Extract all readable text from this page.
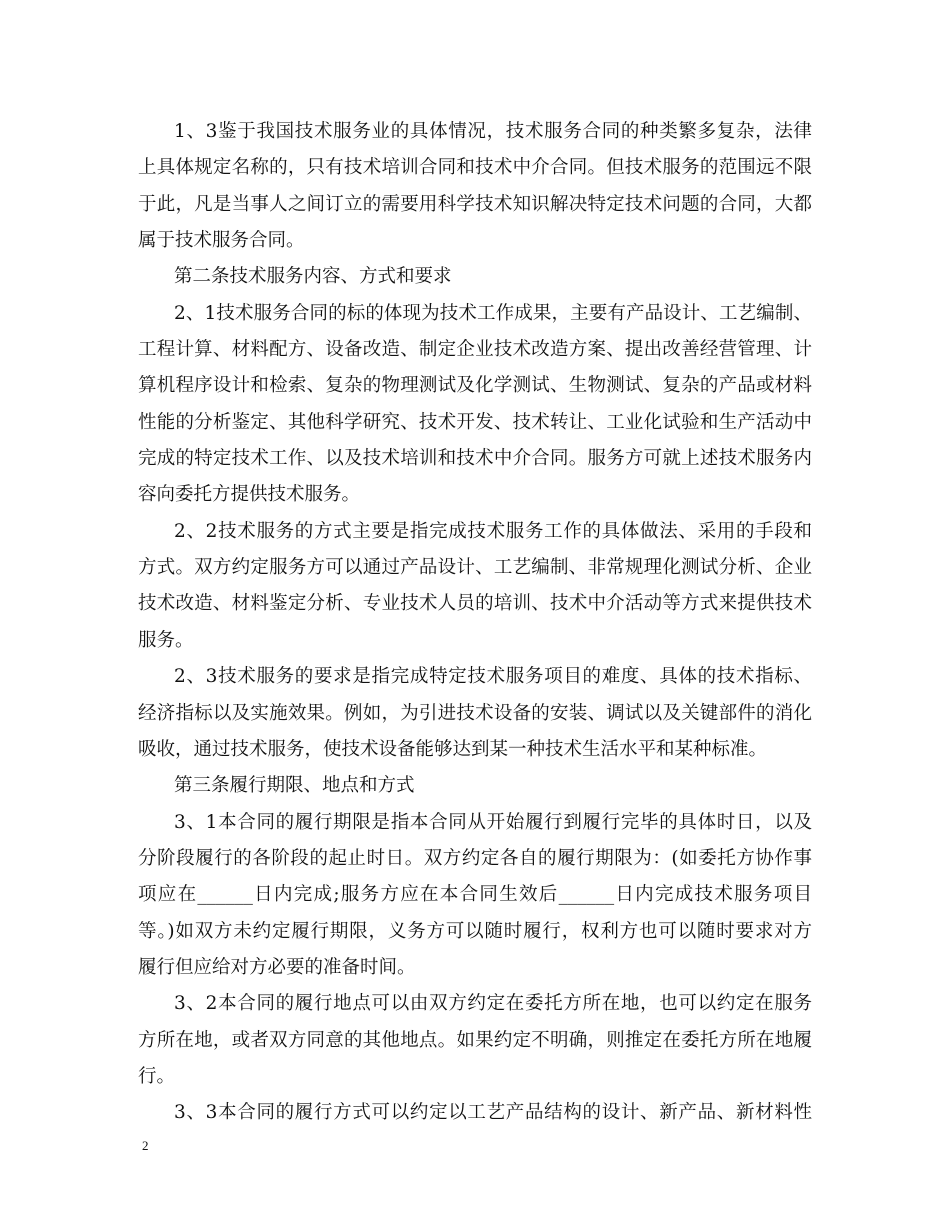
1、3鉴于我国技术服务业的具体情况，技术服务合同的种类繁多复杂，法律
上具体规定名称的，只有技术培训合同和技术中介合同。但技术服务的范围远不限
于此，凡是当事人之间订立的需要用科学技术知识解决特定技术问题的合同，大都
属于技术服务合同。
第二条技术服务内容、方式和要求
2、1技术服务合同的标的体现为技术工作成果，主要有产品设计、工艺编制、
工程计算、材料配方、设备改造、制定企业技术改造方案、提出改善经营管理、计
算机程序设计和检索、复杂的物理测试及化学测试、生物测试、复杂的产品或材料
性能的分析鉴定、其他科学研究、技术开发、技术转让、工业化试验和生产活动中
完成的特定技术工作、以及技术培训和技术中介合同。服务方可就上述技术服务内
容向委托方提供技术服务。
2、2技术服务的方式主要是指完成技术服务工作的具体做法、采用的手段和
方式。双方约定服务方可以通过产品设计、工艺编制、非常规理化测试分析、企业
技术改造、材料鉴定分析、专业技术人员的培训、技术中介活动等方式来提供技术
服务。
2、3技术服务的要求是指完成特定技术服务项目的难度、具体的技术指标、
经济指标以及实施效果。例如，为引进技术设备的安装、调试以及关键部件的消化
吸收，通过技术服务，使技术设备能够达到某一种技术生活水平和某种标准。
第三条履行期限、地点和方式
3、1本合同的履行期限是指本合同从开始履行到履行完毕的具体时日，以及
分阶段履行的各阶段的起止时日。双方约定各自的履行期限为：(如委托方协作事
项应在______日内完成;服务方应在本合同生效后______日内完成技术服务项目
等。)如双方未约定履行期限，义务方可以随时履行，权利方也可以随时要求对方
履行但应给对方必要的准备时间。
3、2本合同的履行地点可以由双方约定在委托方所在地，也可以约定在服务
方所在地，或者双方同意的其他地点。如果约定不明确，则推定在委托方所在地履
行。
3、3本合同的履行方式可以约定以工艺产品结构的设计、新产品、新材料性
2
